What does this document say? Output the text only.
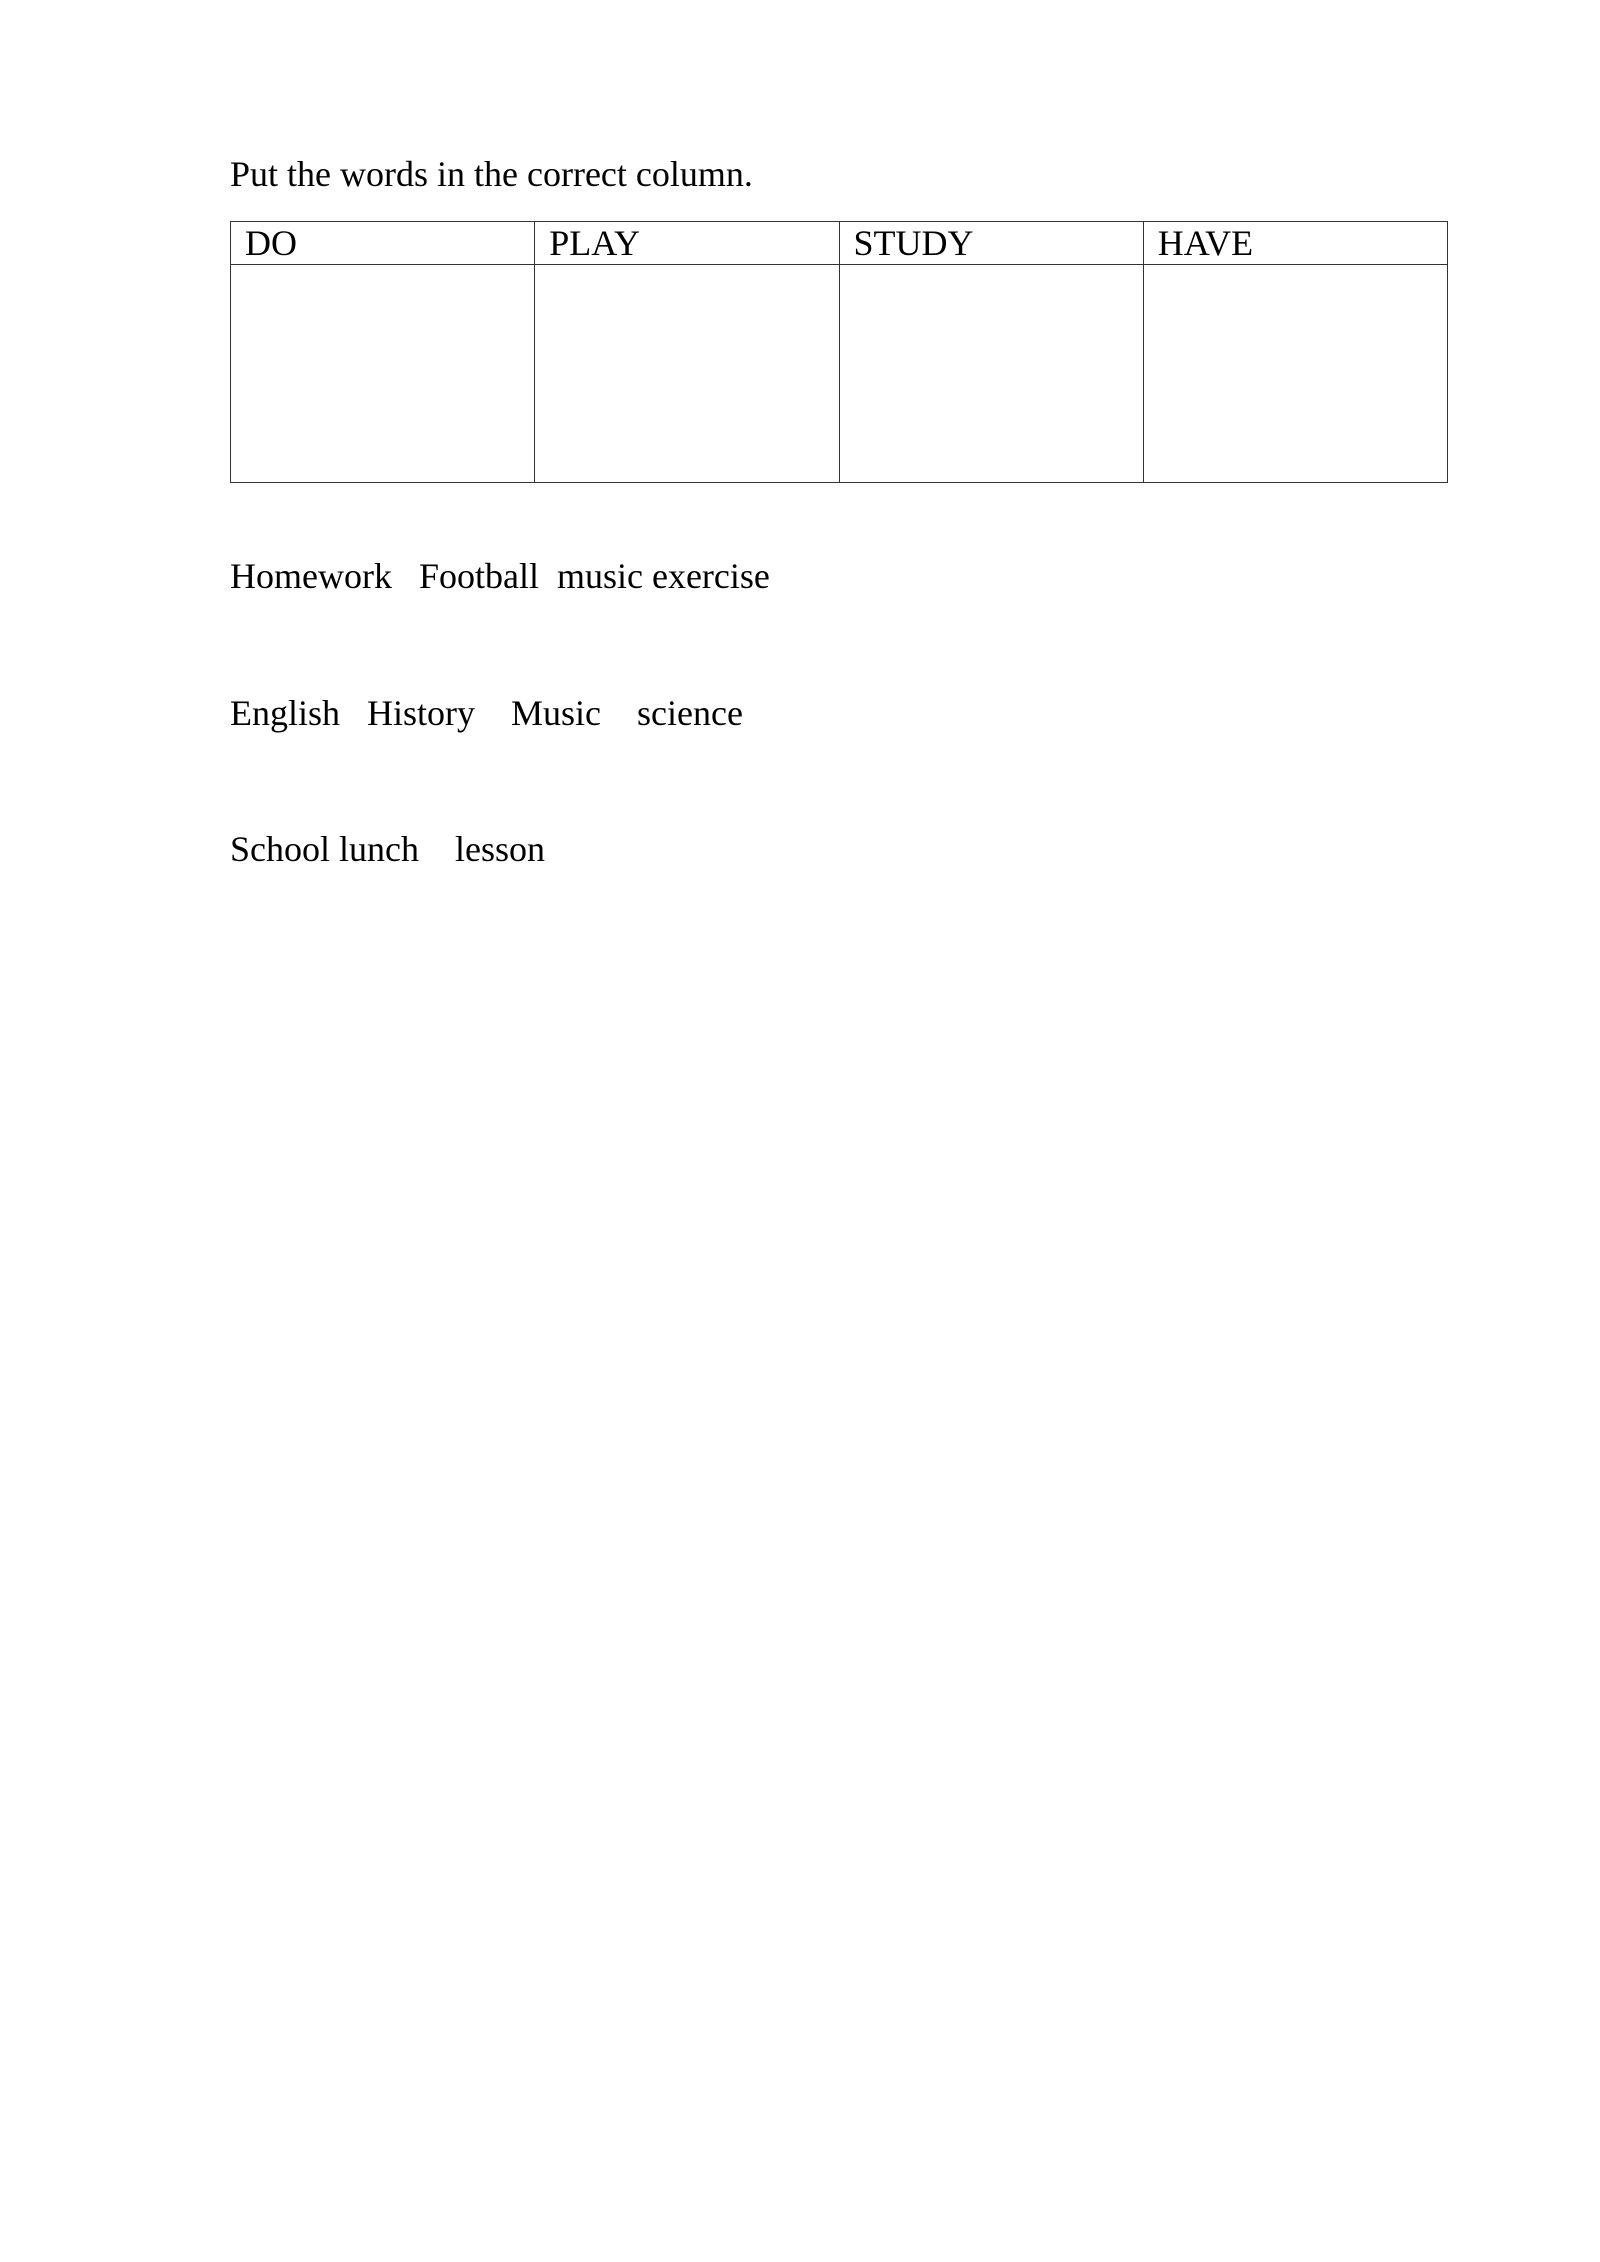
Put the words in the correct column.
DO	PLAY	STUDY	HAVE

Homework   Football  music exercise
English   History    Music    science
School lunch    lesson
